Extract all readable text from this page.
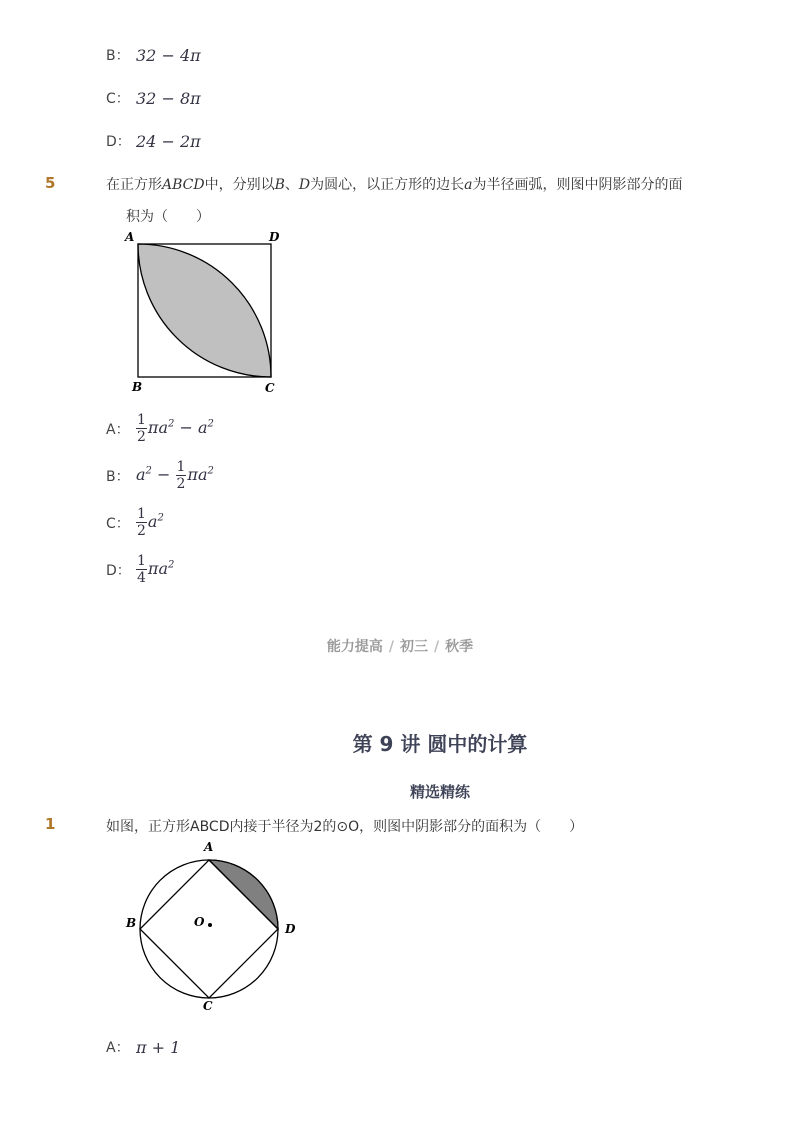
B： 32 − 4π
C： 32 − 8π
D： 24 − 2π
5	在正方形ABCD中，分别以B、D为圆心，以正方形的边长a为半径画弧，则图中阴影部分的面
积为（　　）
A	D
B	C
A： $\frac{1}{2} \pi a^2 - a^2$
B： $a^2 - \frac{1}{2} \pi a^2$
C： $\frac{1}{2} a^2$
D： $\frac{1}{4} \pi a^2$
能力提高 / 初三 / 秋季
第 9 讲 圆中的计算
精选精练
1	如图，正方形ABCD内接于半径为2的⊙O，则图中阴影部分的面积为（　　）
A
B	D
C
O
A： π + 1
